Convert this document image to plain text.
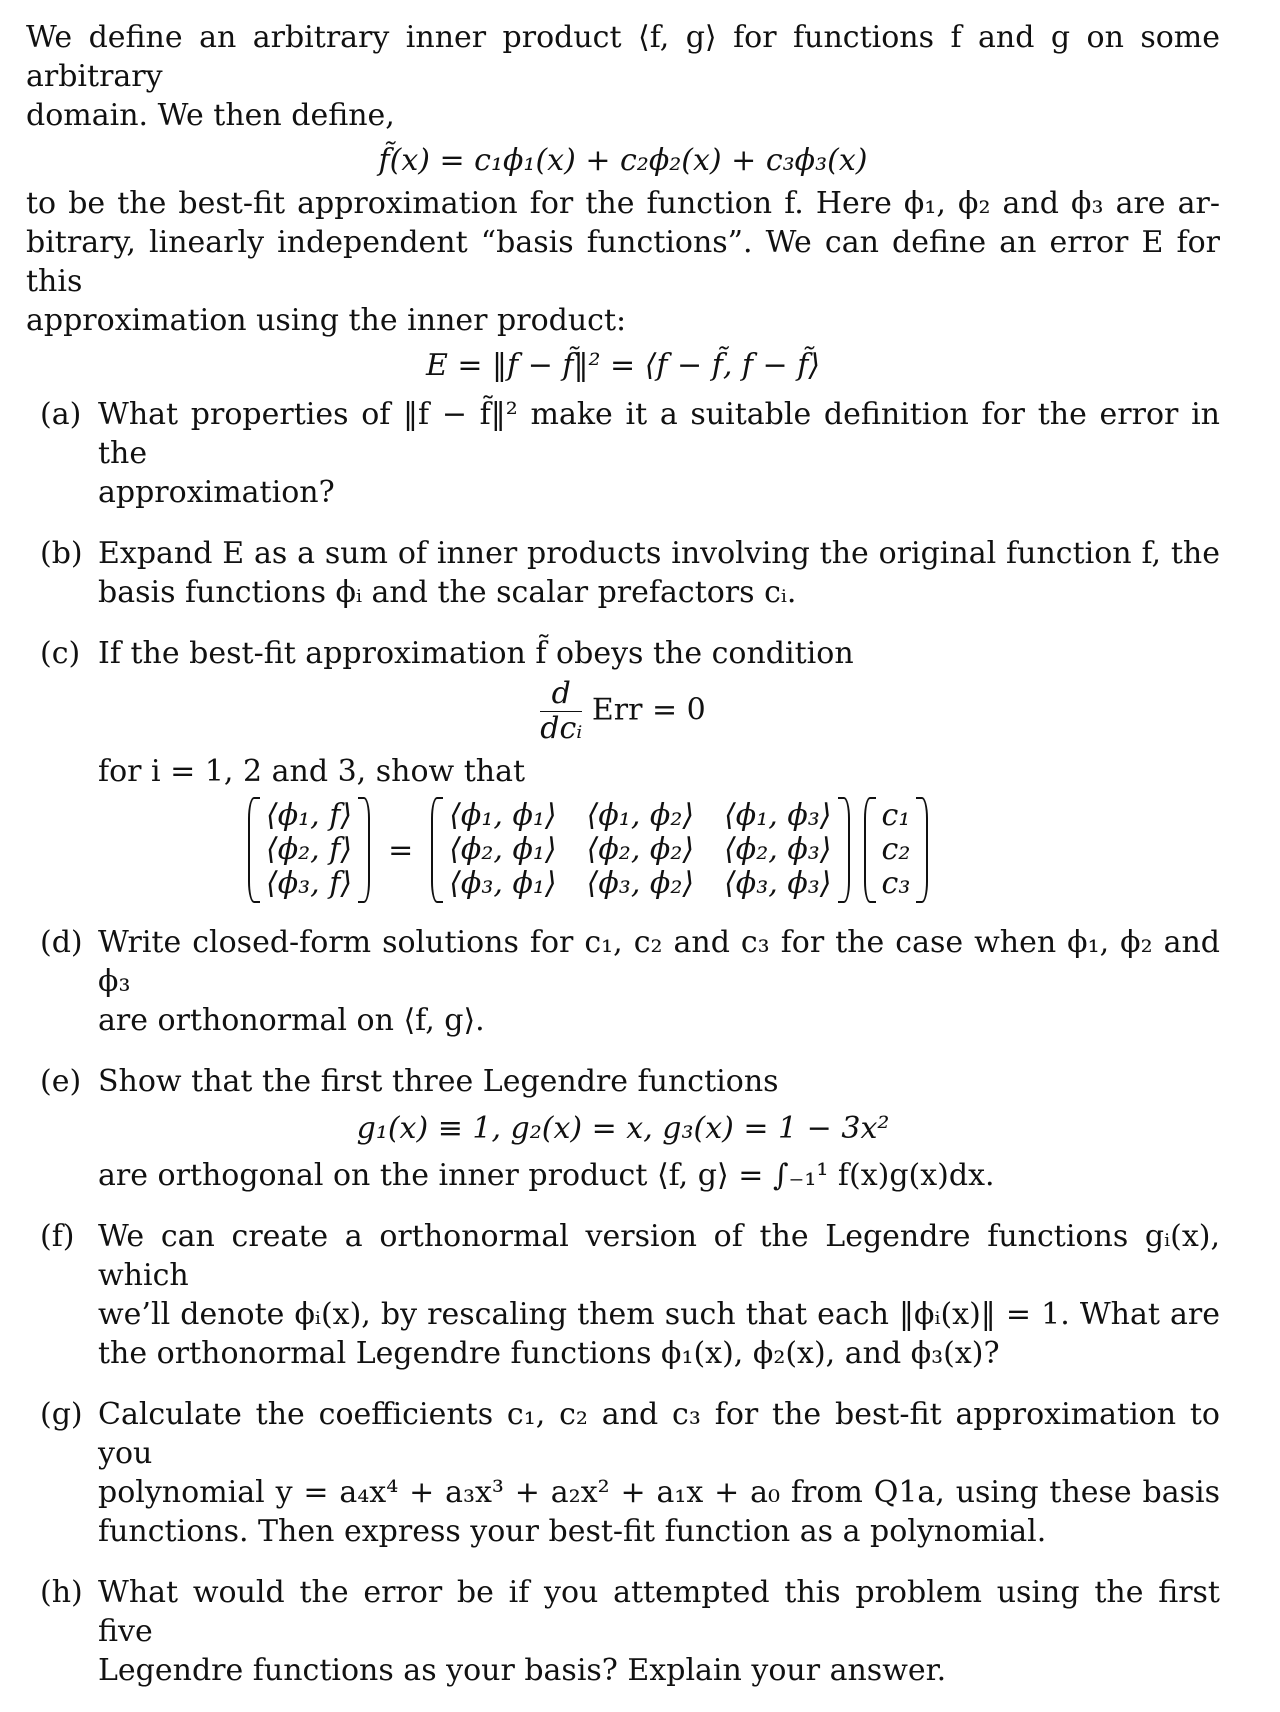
We define an arbitrary inner product ⟨f, g⟩ for functions f and g on some arbitrary

domain. We then define,

f̃(x) = c₁ϕ₁(x) + c₂ϕ₂(x) + c₃ϕ₃(x)

to be the best-fit approximation for the function f. Here ϕ₁, ϕ₂ and ϕ₃ are ar-

bitrary, linearly independent “basis functions”. We can define an error E for this

approximation using the inner product:

E = ‖f − f̃‖² = ⟨f − f̃, f − f̃⟩

(a) What properties of ‖f − f̃‖² make it a suitable definition for the error in the

approximation?

(b) Expand E as a sum of inner products involving the original function f, the

basis functions ϕᵢ and the scalar prefactors cᵢ.

(c) If the best-fit approximation f̃ obeys the condition

$\frac{d}{\text{dcᵢ}}$ Err = 0

for i = 1, 2 and 3, show that

⟨ϕ₁, f⟩
⟨ϕ₂, f⟩
⟨ϕ₃, f⟩
=
⟨ϕ₁, ϕ₁⟩ ⟨ϕ₁, ϕ₂⟩ ⟨ϕ₁, ϕ₃⟩
⟨ϕ₂, ϕ₁⟩ ⟨ϕ₂, ϕ₂⟩ ⟨ϕ₂, ϕ₃⟩
⟨ϕ₃, ϕ₁⟩ ⟨ϕ₃, ϕ₂⟩ ⟨ϕ₃, ϕ₃⟩
c₁
c₂
c₃
(d) Write closed-form solutions for c₁, c₂ and c₃ for the case when ϕ₁, ϕ₂ and ϕ₃

are orthonormal on ⟨f, g⟩.

(e) Show that the first three Legendre functions

g₁(x) ≡ 1, g₂(x) = x, g₃(x) = 1 − 3x²

are orthogonal on the inner product ⟨f, g⟩ = ∫₋₁¹ f(x)g(x)dx.

(f) We can create a orthonormal version of the Legendre functions gᵢ(x), which

we’ll denote ϕᵢ(x), by rescaling them such that each ‖ϕᵢ(x)‖ = 1. What are

the orthonormal Legendre functions ϕ₁(x), ϕ₂(x), and ϕ₃(x)?

(g) Calculate the coefficients c₁, c₂ and c₃ for the best-fit approximation to you

polynomial y = a₄x⁴ + a₃x³ + a₂x² + a₁x + a₀ from Q1a, using these basis

functions. Then express your best-fit function as a polynomial.

(h) What would the error be if you attempted this problem using the first five

Legendre functions as your basis? Explain your answer.
